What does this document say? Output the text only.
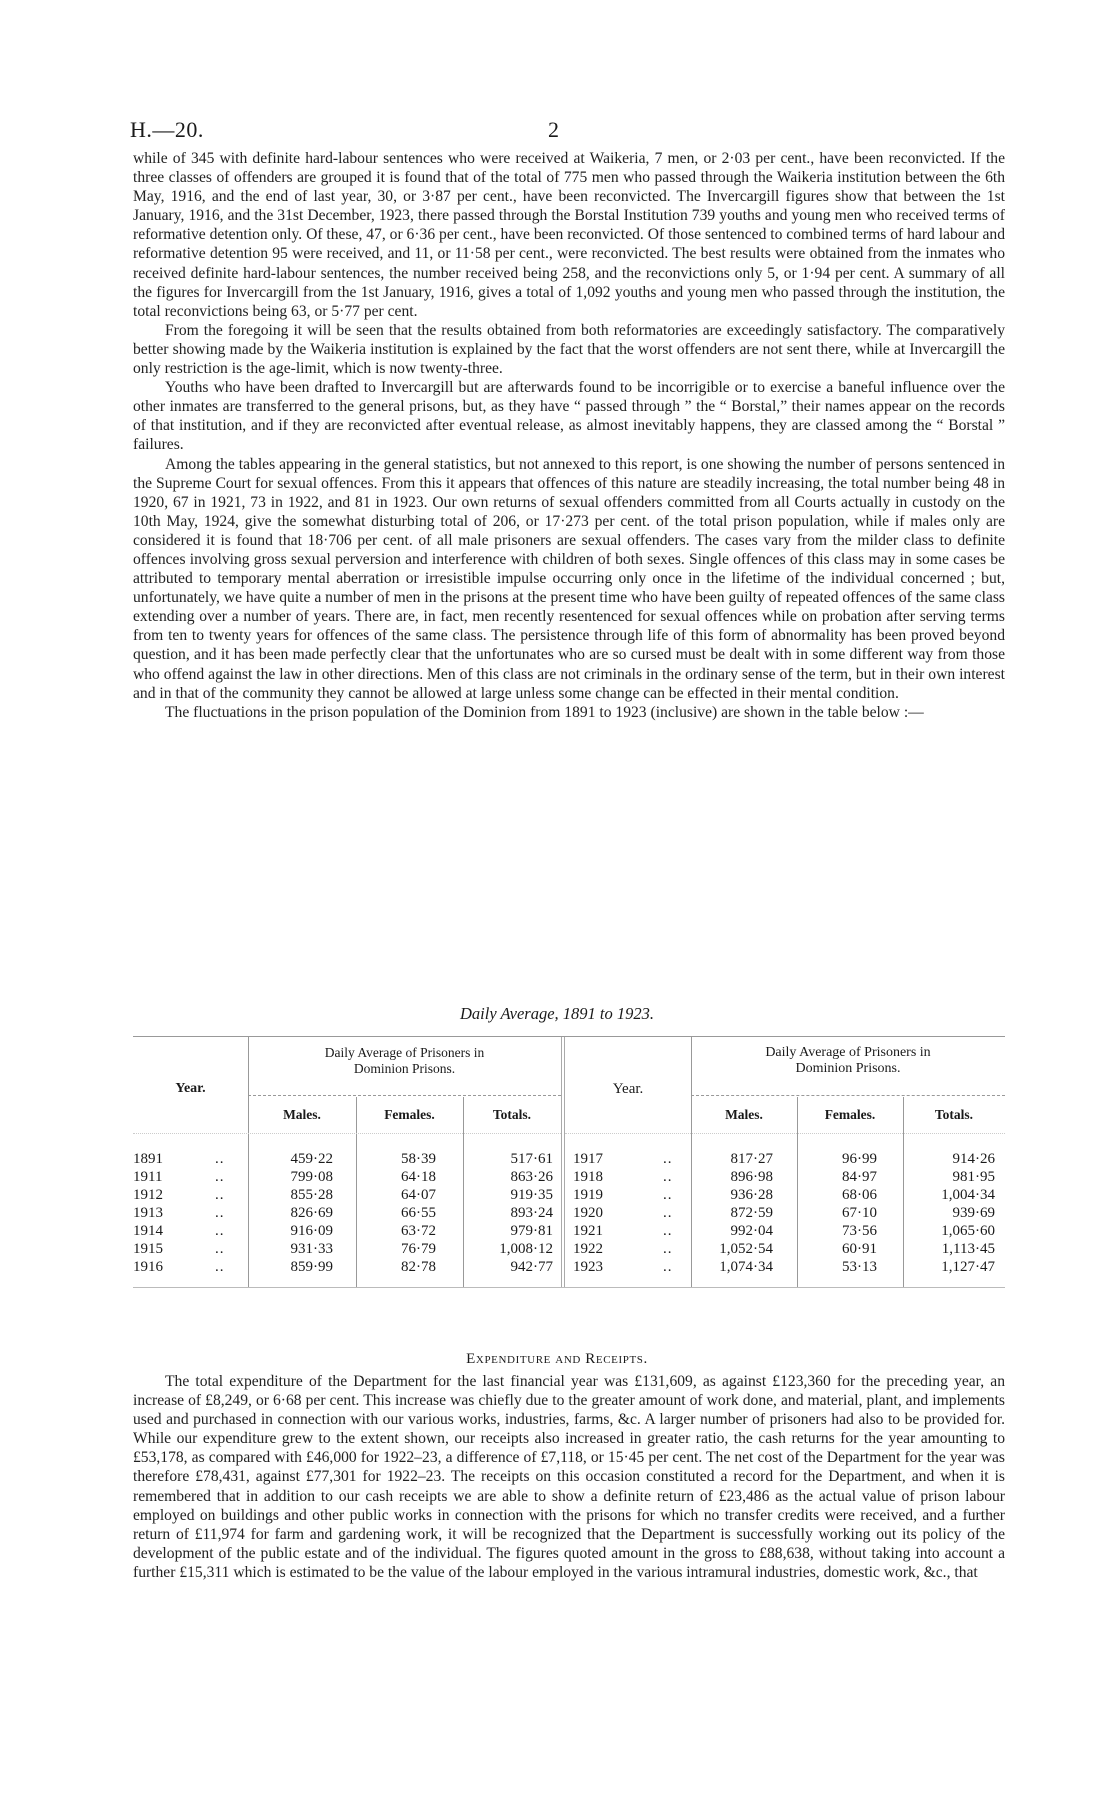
H.—20.	2

while of 345 with definite hard-labour sentences who were received at Waikeria, 7 men, or 2·03 per cent., have been reconvicted. If the three classes of offenders are grouped it is found that of the total of 775 men who passed through the Waikeria institution between the 6th May, 1916, and the end of last year, 30, or 3·87 per cent., have been reconvicted. The Invercargill figures show that between the 1st January, 1916, and the 31st December, 1923, there passed through the Borstal Institution 739 youths and young men who received terms of reformative detention only. Of these, 47, or 6·36 per cent., have been reconvicted. Of those sentenced to combined terms of hard labour and reformative detention 95 were received, and 11, or 11·58 per cent., were reconvicted. The best results were obtained from the inmates who received definite hard-labour sentences, the number received being 258, and the reconvictions only 5, or 1·94 per cent. A summary of all the figures for Invercargill from the 1st January, 1916, gives a total of 1,092 youths and young men who passed through the institution, the total reconvictions being 63, or 5·77 per cent.

From the foregoing it will be seen that the results obtained from both reformatories are exceedingly satisfactory. The comparatively better showing made by the Waikeria institution is explained by the fact that the worst offenders are not sent there, while at Invercargill the only restriction is the age-limit, which is now twenty-three.

Youths who have been drafted to Invercargill but are afterwards found to be incorrigible or to exercise a baneful influence over the other inmates are transferred to the general prisons, but, as they have “ passed through ” the “ Borstal,” their names appear on the records of that institution, and if they are reconvicted after eventual release, as almost inevitably happens, they are classed among the “ Borstal ” failures.

Among the tables appearing in the general statistics, but not annexed to this report, is one showing the number of persons sentenced in the Supreme Court for sexual offences. From this it appears that offences of this nature are steadily increasing, the total number being 48 in 1920, 67 in 1921, 73 in 1922, and 81 in 1923. Our own returns of sexual offenders committed from all Courts actually in custody on the 10th May, 1924, give the somewhat disturbing total of 206, or 17·273 per cent. of the total prison population, while if males only are considered it is found that 18·706 per cent. of all male prisoners are sexual offenders. The cases vary from the milder class to definite offences involving gross sexual perversion and interference with children of both sexes. Single offences of this class may in some cases be attributed to temporary mental aberration or irresistible impulse occurring only once in the lifetime of the individual concerned ; but, unfortunately, we have quite a number of men in the prisons at the present time who have been guilty of repeated offences of the same class extending over a number of years. There are, in fact, men recently resentenced for sexual offences while on probation after serving terms from ten to twenty years for offences of the same class. The persistence through life of this form of abnormality has been proved beyond question, and it has been made perfectly clear that the unfortunates who are so cursed must be dealt with in some different way from those who offend against the law in other directions. Men of this class are not criminals in the ordinary sense of the term, but in their own interest and in that of the community they cannot be allowed at large unless some change can be effected in their mental condition.

The fluctuations in the prison population of the Dominion from 1891 to 1923 (inclusive) are shown in the table below :—

Daily Average, 1891 to 1923.
Year.
Daily Average of Prisoners in
Dominion Prisons.
Males.	Females.	Totals.
1891	..	459·22	58·39	517·61
1911	..	799·08	64·18	863·26
1912	..	855·28	64·07	919·35
1913	..	826·69	66·55	893·24
1914	..	916·09	63·72	979·81
1915	..	931·33	76·79	1,008·12
1916	..	859·99	82·78	942·77
Year.
Daily Average of Prisoners in
Dominion Prisons.
Males.	Females.	Totals.
1917	..	817·27	96·99	914·26
1918	..	896·98	84·97	981·95
1919	..	936·28	68·06	1,004·34
1920	..	872·59	67·10	939·69
1921	..	992·04	73·56	1,065·60
1922	..	1,052·54	60·91	1,113·45
1923	..	1,074·34	53·13	1,127·47
Expenditure and Receipts.

The total expenditure of the Department for the last financial year was £131,609, as against £123,360 for the preceding year, an increase of £8,249, or 6·68 per cent. This increase was chiefly due to the greater amount of work done, and material, plant, and implements used and purchased in connection with our various works, industries, farms, &c. A larger number of prisoners had also to be provided for. While our expenditure grew to the extent shown, our receipts also increased in greater ratio, the cash returns for the year amounting to £53,178, as compared with £46,000 for 1922–23, a difference of £7,118, or 15·45 per cent. The net cost of the Department for the year was therefore £78,431, against £77,301 for 1922–23. The receipts on this occasion constituted a record for the Department, and when it is remembered that in addition to our cash receipts we are able to show a definite return of £23,486 as the actual value of prison labour employed on buildings and other public works in connection with the prisons for which no transfer credits were received, and a further return of £11,974 for farm and gardening work, it will be recognized that the Department is successfully working out its policy of the development of the public estate and of the individual. The figures quoted amount in the gross to £88,638, without taking into account a further £15,311 which is estimated to be the value of the labour employed in the various intramural industries, domestic work, &c., that
